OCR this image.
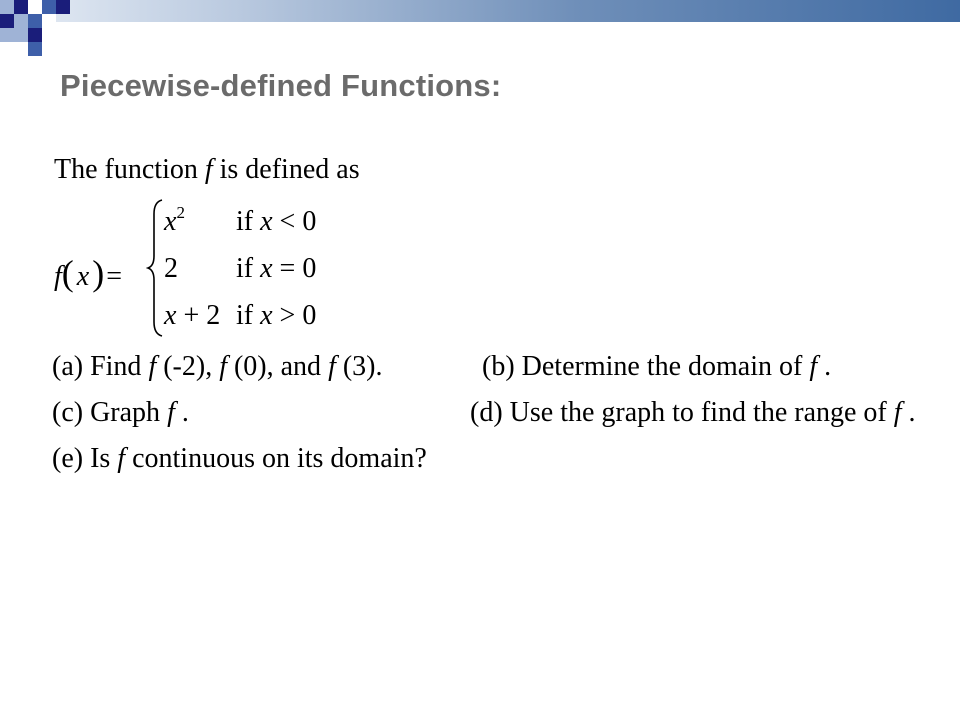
Piecewise-defined Functions:
The function f is defined as
f( x)=
$x^2$ if x < 0
2 if x = 0
x + 2 if x > 0
(a) Find f (-2), f (0), and f (3).	(b) Determine the domain of f .
(c) Graph f .	(d) Use the graph to find the range of f .
(e) Is f continuous on its domain?
